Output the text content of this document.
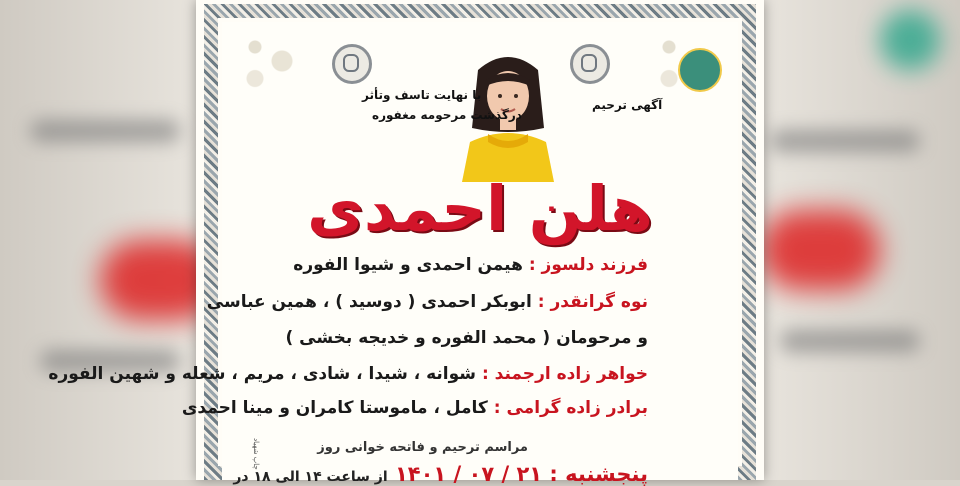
با نهایت تاسف وتأثر
درگذشت مرحومه مغفوره
آگهی ترحیم
هلن احمدی
فرزند دلسوز : هیمن احمدی و شیوا الفوره
نوه گرانقدر : ابوبکر احمدی ( دوسید ) ، همین عباسی
و مرحومان ( محمد الفوره و خدیجه بخشی )
خواهر زاده ارجمند : شوانه ، شیدا ، شادی ، مریم ، شعله و شهین الفوره
برادر زاده گرامی : کامل ، ماموستا کامران و مینا احمدی
مراسم ترحیم و فاتحه خوانی روز
پنجشنبه : ۲۱ / ۰۷ / ۱۴۰۱ از ساعت ۱۴ الی ۱۸ در
چاپ شهیاد
